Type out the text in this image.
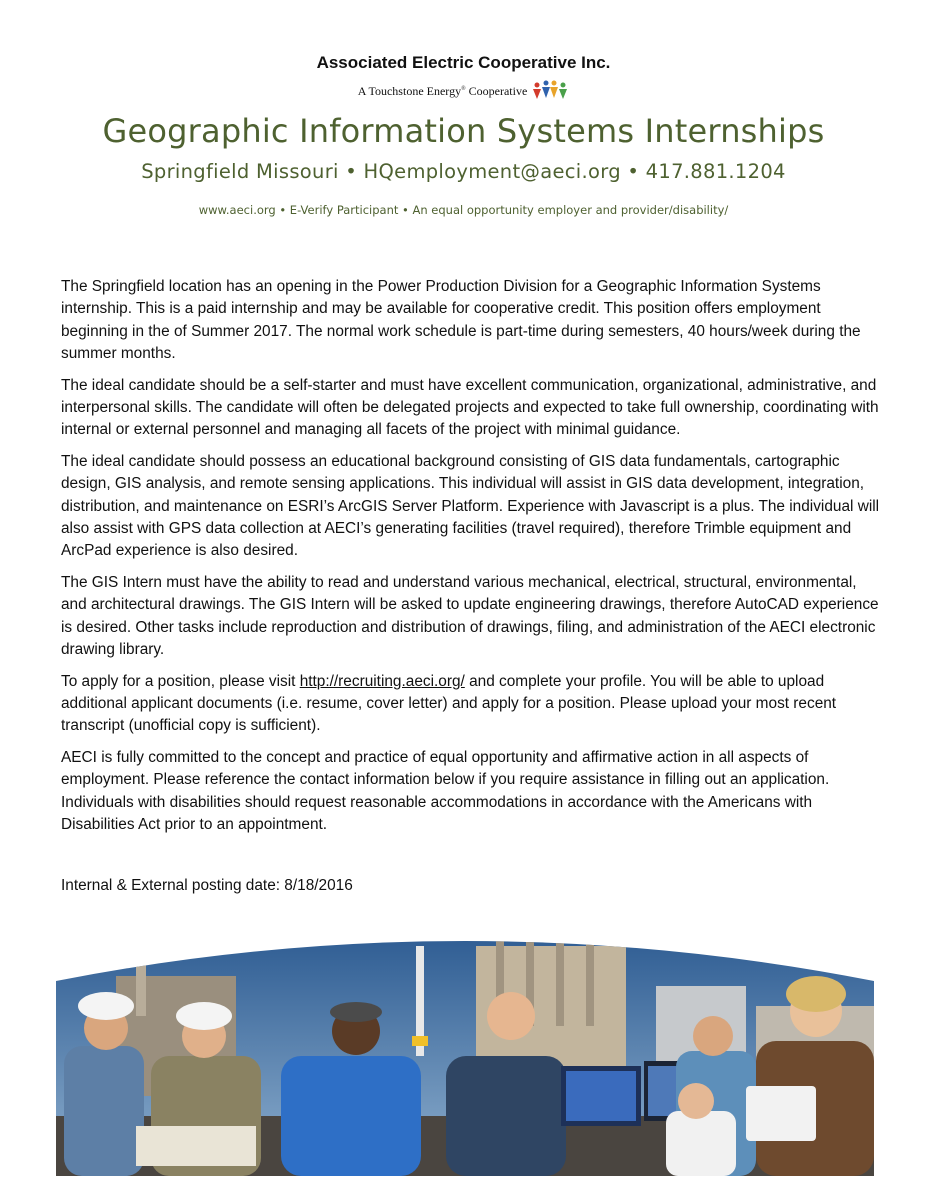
Associated Electric Cooperative Inc.
A Touchstone Energy® Cooperative
Geographic Information Systems Internships
Springfield Missouri • HQemployment@aeci.org • 417.881.1204
www.aeci.org • E-Verify Participant • An equal opportunity employer and provider/disability/

The Springfield location has an opening in the Power Production Division for a Geographic Information Systems internship. This is a paid internship and may be available for cooperative credit. This position offers employment beginning in the of Summer 2017. The normal work schedule is part-time during semesters, 40 hours/week during the summer months.

The ideal candidate should be a self-starter and must have excellent communication, organizational, administrative, and interpersonal skills. The candidate will often be delegated projects and expected to take full ownership, coordinating with internal or external personnel and managing all facets of the project with minimal guidance.

The ideal candidate should possess an educational background consisting of GIS data fundamentals, cartographic design, GIS analysis, and remote sensing applications. This individual will assist in GIS data development, integration, distribution, and maintenance on ESRI’s ArcGIS Server Platform. Experience with Javascript is a plus. The individual will also assist with GPS data collection at AECI’s generating facilities (travel required), therefore Trimble equipment and ArcPad experience is also desired.

The GIS Intern must have the ability to read and understand various mechanical, electrical, structural, environmental, and architectural drawings. The GIS Intern will be asked to update engineering drawings, therefore AutoCAD experience is desired. Other tasks include reproduction and distribution of drawings, filing, and administration of the AECI electronic drawing library.

To apply for a position, please visit http://recruiting.aeci.org/ and complete your profile. You will be able to upload additional applicant documents (i.e. resume, cover letter) and apply for a position. Please upload your most recent transcript (unofficial copy is sufficient).

AECI is fully committed to the concept and practice of equal opportunity and affirmative action in all aspects of employment. Please reference the contact information below if you require assistance in filling out an application. Individuals with disabilities should request reasonable accommodations in accordance with the Americans with Disabilities Act prior to an appointment.

Internal & External posting date: 8/18/2016
